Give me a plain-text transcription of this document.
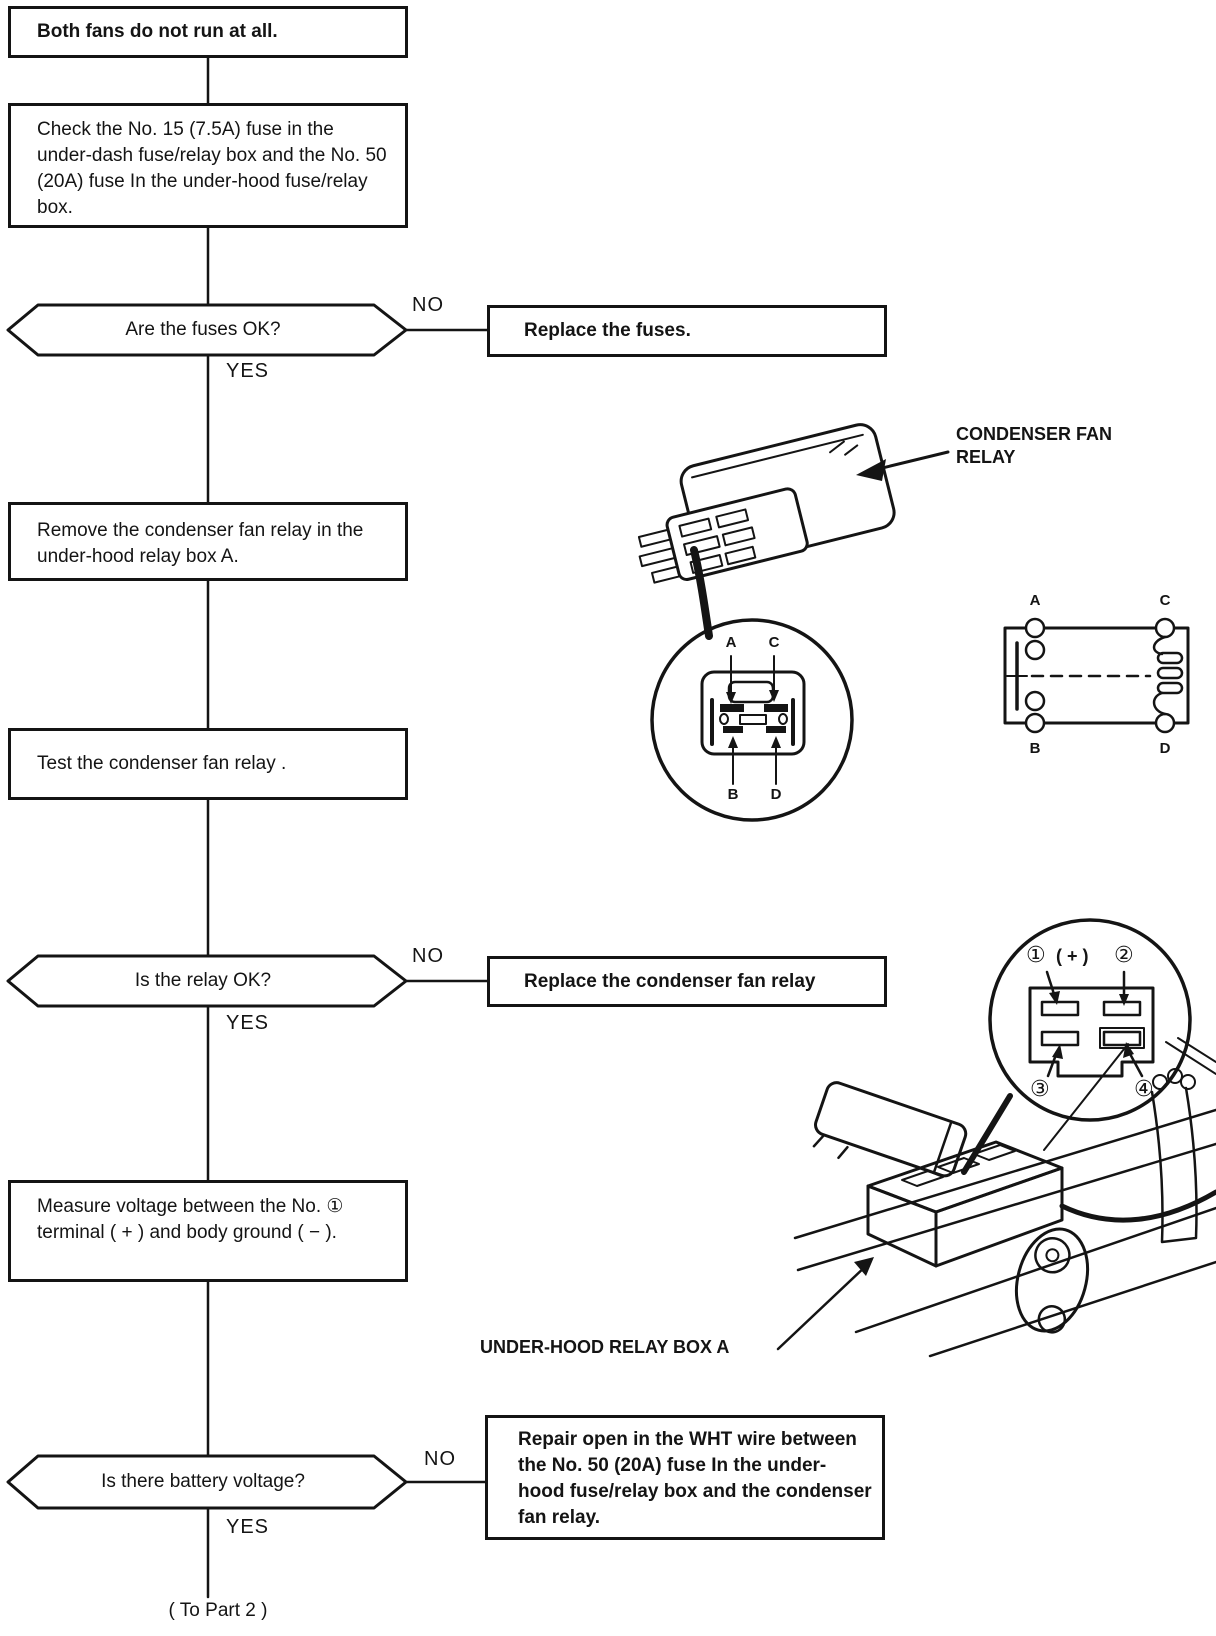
Both fans do not run at all.
Check the No. 15 (7.5A) fuse in the under-dash fuse/relay box and the No. 50 (20A) fuse In the under-hood fuse/relay box.
Are the fuses OK?
NO
YES
Replace the fuses.
CONDENSER FAN RELAY
Remove the condenser fan relay in the under-hood relay box A.
A	C
B	D
A	C
B	D
Test the condenser fan relay .
Is the relay OK?
NO
YES
Replace the condenser fan relay
① ( + ) ②
③	④
Measure voltage between the No. ① terminal ( + ) and body ground ( − ).
UNDER-HOOD RELAY BOX A
Is there battery voltage?
NO
YES
Repair open in the WHT wire between the No. 50 (20A) fuse In the under-hood fuse/relay box and the condenser fan relay.
( To Part 2 )
